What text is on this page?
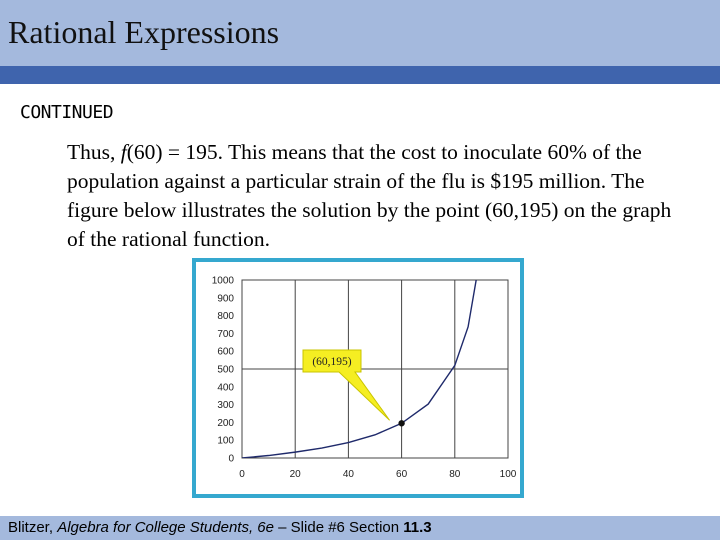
Rational Expressions
CONTINUED
Thus, f(60) = 195. This means that the cost to inoculate 60% of the population against a particular strain of the flu is $195 million. The figure below illustrates the solution by the point (60,195) on the graph of the rational function.
0	20	40	60	80	100
0
100
200
300
400
500
600
700
800
900
1000
(60,195)
Blitzer, Algebra for College Students, 6e – Slide #6 Section 11.3
